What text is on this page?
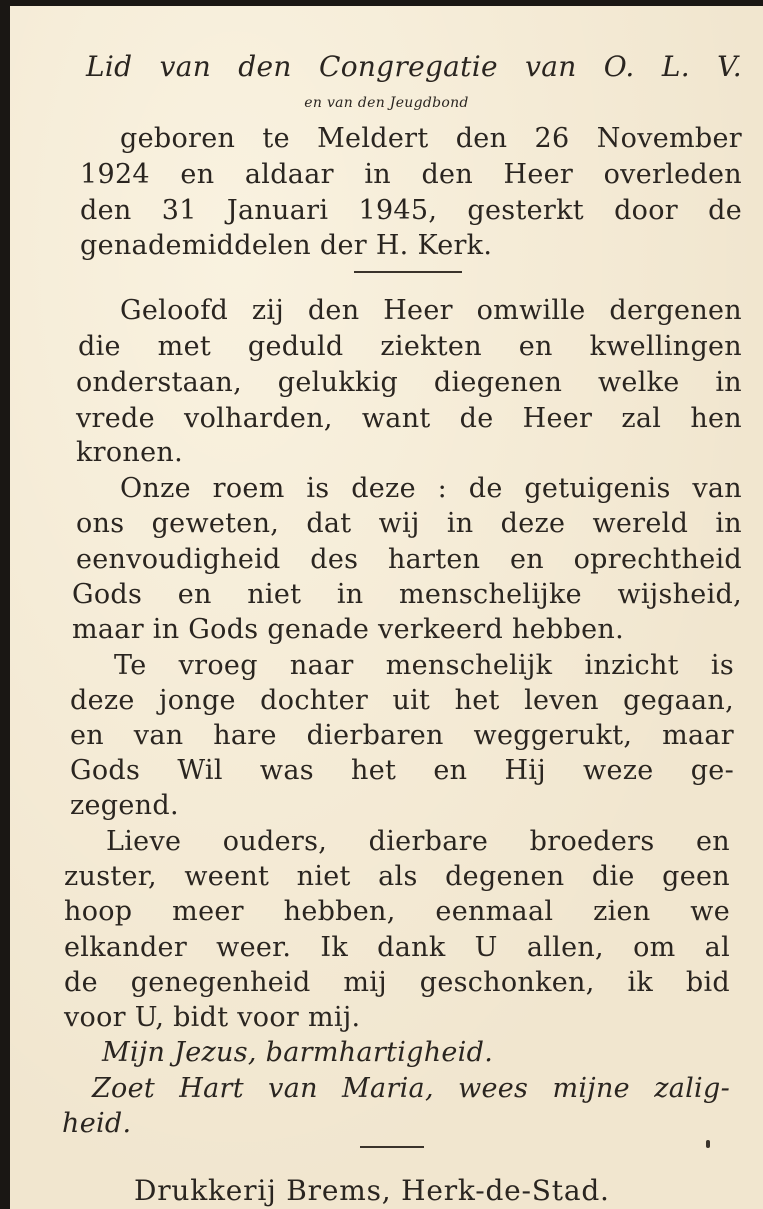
Lid van den Congregatie van O. L. V.
en van den Jeugdbond
geboren te Meldert den 26 November
1924 en aldaar in den Heer overleden
den 31 Januari 1945, gesterkt door de
genademiddelen der H. Kerk.
Geloofd zij den Heer omwille dergenen
die met geduld ziekten en kwellingen
onderstaan, gelukkig diegenen welke in
vrede volharden, want de Heer zal hen
kronen.
Onze roem is deze : de getuigenis van
ons geweten, dat wij in deze wereld in
eenvoudigheid des harten en oprechtheid
Gods en niet in menschelijke wijsheid,
maar in Gods genade verkeerd hebben.
Te vroeg naar menschelijk inzicht is
deze jonge dochter uit het leven gegaan,
en van hare dierbaren weggerukt, maar
Gods Wil was het en Hij weze ge-
zegend.
Lieve ouders, dierbare broeders en
zuster, weent niet als degenen die geen
hoop meer hebben, eenmaal zien we
elkander weer. Ik dank U allen, om al
de genegenheid mij geschonken, ik bid
voor U, bidt voor mij.
Mijn Jezus, barmhartigheid.
Zoet Hart van Maria, wees mijne zalig-
heid.
Drukkerij Brems, Herk-de-Stad.
